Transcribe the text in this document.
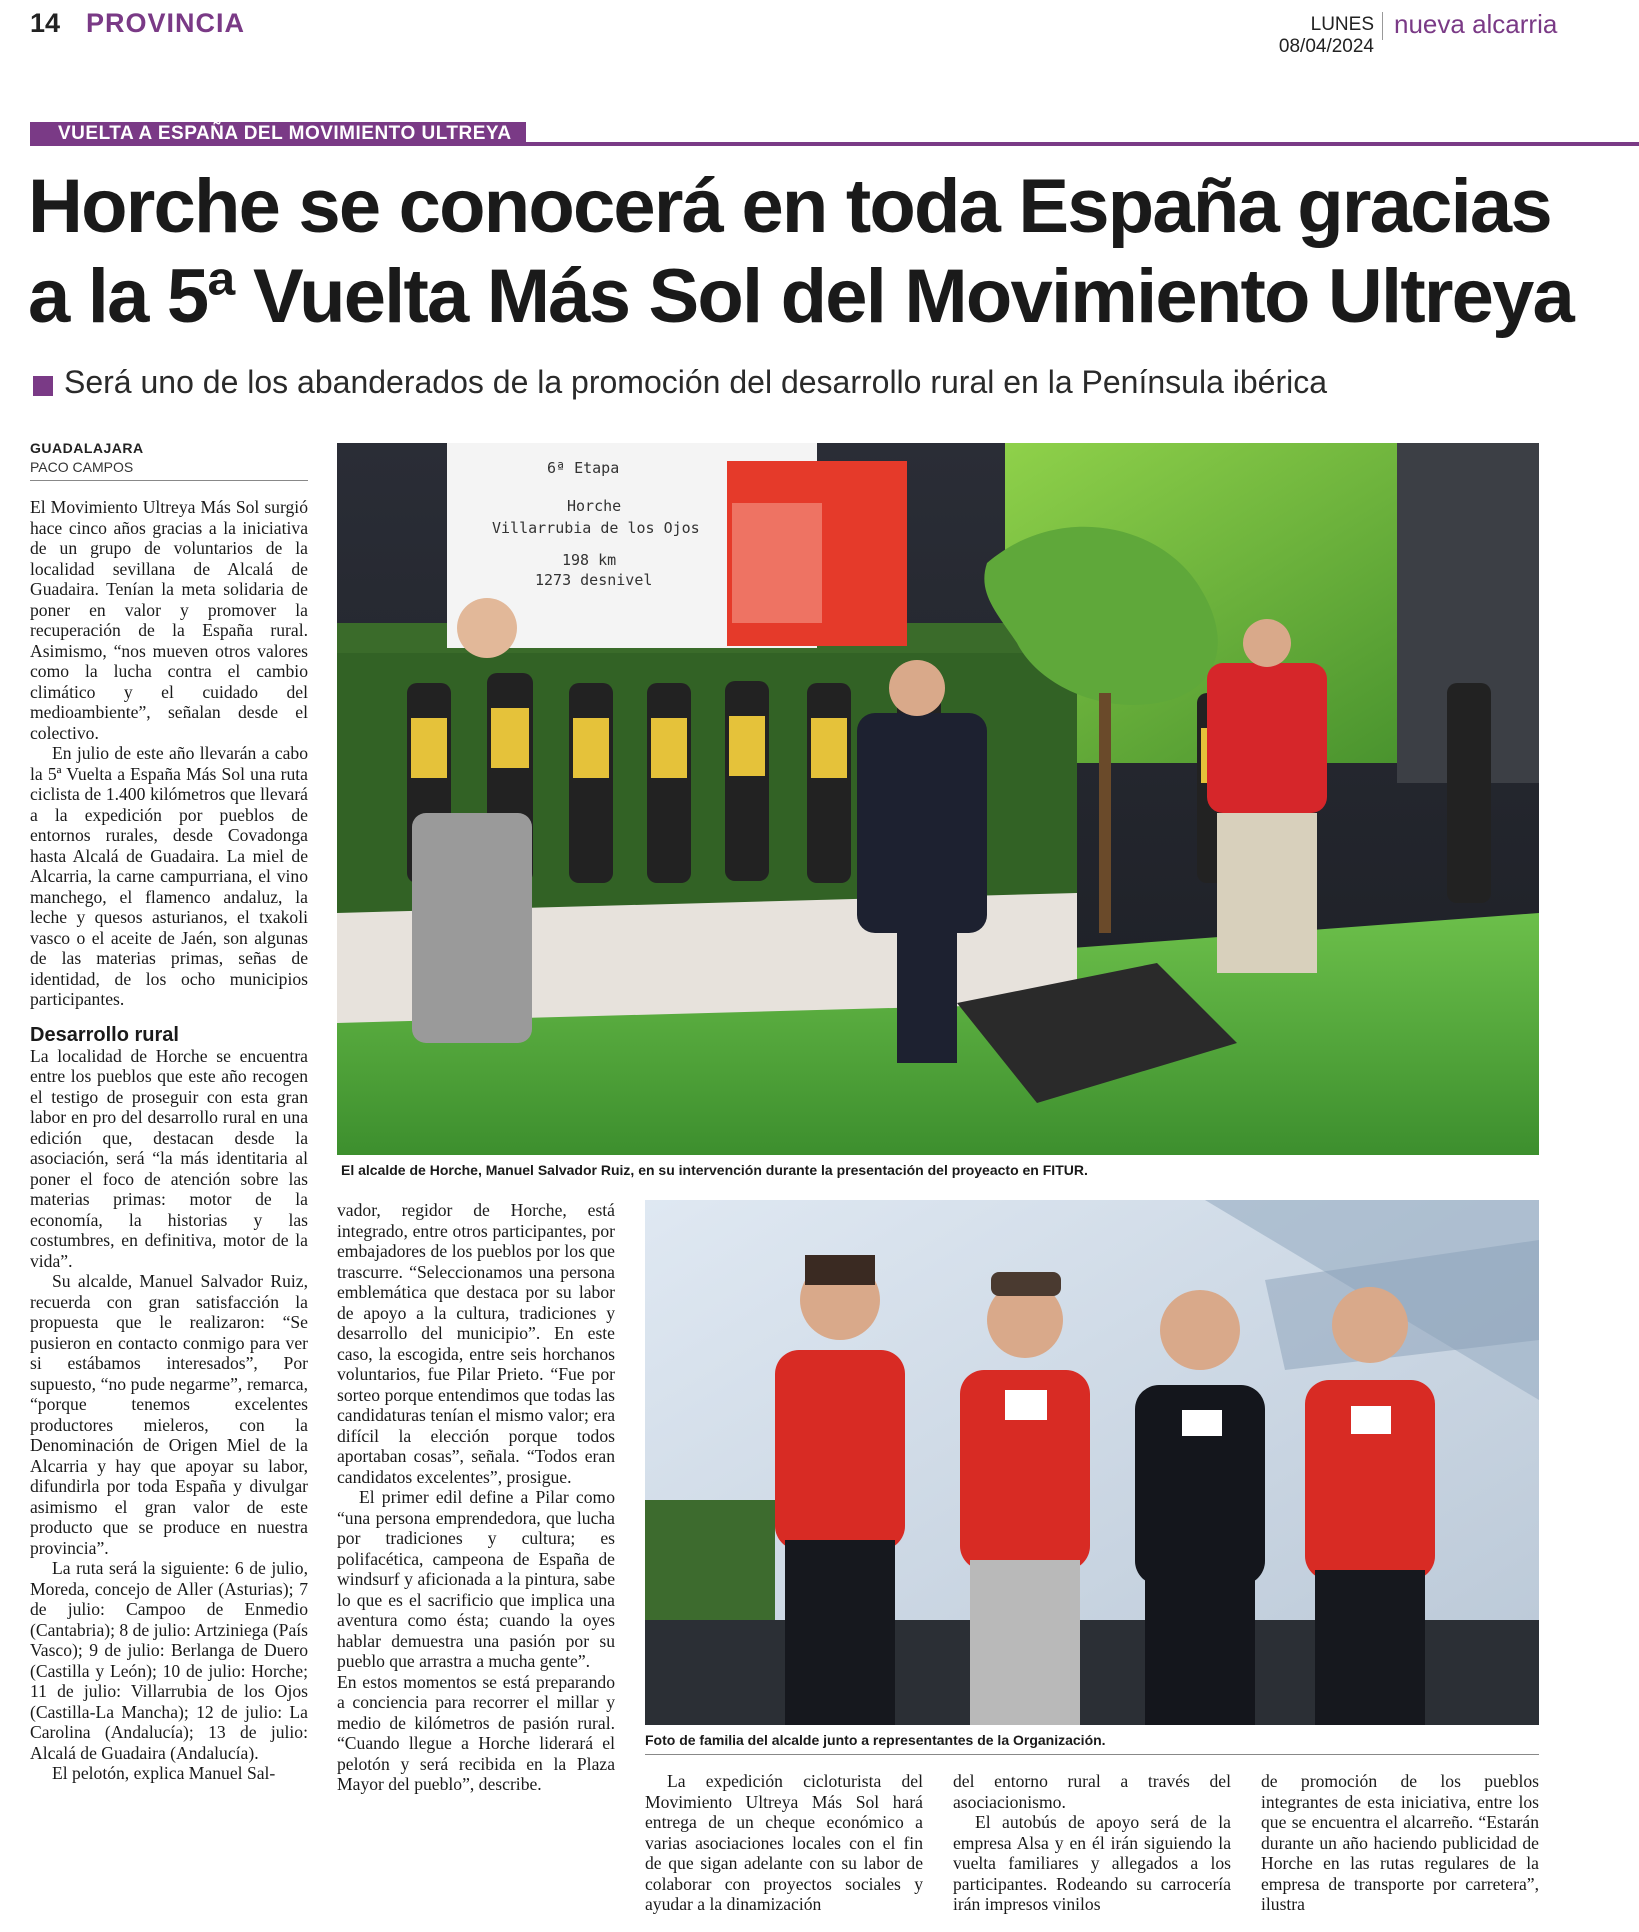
14 PROVINCIA	LUNES 08/04/2024
nueva alcarria
VUELTA A ESPAÑA DEL MOVIMIENTO ULTREYA
Horche se conocerá en toda España gracias
a la 5ª Vuelta Más Sol del Movimiento Ultreya
Será uno de los abanderados de la promoción del desarrollo rural en la Península ibérica
GUADALAJARA
PACO CAMPOS

El Movimiento Ultreya Más Sol surgió hace cinco años gracias a la iniciativa de un grupo de voluntarios de la localidad sevillana de Alcalá de Guadaira. Tenían la meta solidaria de poner en valor y promover la recuperación de la España rural. Asimismo, “nos mueven otros valores como la lucha contra el cambio climático y el cuidado del medioambiente”, señalan desde el colectivo.

En julio de este año llevarán a cabo la 5ª Vuelta a España Más Sol una ruta ciclista de 1.400 kilómetros que llevará a la expedición por pueblos de entornos rurales, desde Covadonga hasta Alcalá de Guadaira. La miel de Alcarria, la carne campurriana, el vino manchego, el flamenco andaluz, la leche y quesos asturianos, el txakoli vasco o el aceite de Jaén, son algunas de las materias primas, señas de identidad, de los ocho municipios participantes.

Desarrollo rural

La localidad de Horche se encuentra entre los pueblos que este año recogen el testigo de proseguir con esta gran labor en pro del desarrollo rural en una edición que, destacan desde la asociación, será “la más identitaria al poner el foco de atención sobre las materias primas: motor de la economía, la historias y las costumbres, en definitiva, motor de la vida”.

Su alcalde, Manuel Salvador Ruiz, recuerda con gran satisfacción la propuesta que le realizaron: “Se pusieron en contacto conmigo para ver si estábamos interesados”, Por supuesto, “no pude negarme”, remarca, “porque tenemos excelentes productores mieleros, con la Denominación de Origen Miel de la Alcarria y hay que apoyar su labor, difundirla por toda España y divulgar asimismo el gran valor de este producto que se produce en nuestra provincia”.

La ruta será la siguiente: 6 de julio, Moreda, concejo de Aller (Asturias); 7 de julio: Campoo de Enmedio (Cantabria); 8 de julio: Artziniega (País Vasco); 9 de julio: Berlanga de Duero (Castilla y León); 10 de julio: Horche; 11 de julio: Villarrubia de los Ojos (Castilla-La Mancha); 12 de julio: La Carolina (Andalucía); 13 de julio: Alcalá de Guadaira (Andalucía).

El pelotón, explica Manuel Sal-

6ª Etapa
Horche
Villarrubia de los Ojos
198 km
1273 desnivel
El alcalde de Horche, Manuel Salvador Ruiz, en su intervención durante la presentación del proyeacto en FITUR.

vador, regidor de Horche, está integrado, entre otros participantes, por embajadores de los pueblos por los que trascurre. “Seleccionamos una persona emblemática que destaca por su labor de apoyo a la cultura, tradiciones y desarrollo del municipio”. En este caso, la escogida, entre seis horchanos voluntarios, fue Pilar Prieto. “Fue por sorteo porque entendimos que todas las candidaturas tenían el mismo valor; era difícil la elección porque todos aportaban cosas”, señala. “Todos eran candidatos excelentes”, prosigue.

El primer edil define a Pilar como “una persona emprendedora, que lucha por tradiciones y cultura; es polifacética, campeona de España de windsurf y aficionada a la pintura, sabe lo que es el sacrificio que implica una aventura como ésta; cuando la oyes hablar demuestra una pasión por su pueblo que arrastra a mucha gente”.

En estos momentos se está preparando a conciencia para recorrer el millar y medio de kilómetros de pasión rural. “Cuando llegue a Horche liderará el pelotón y será recibida en la Plaza Mayor del pueblo”, describe.

Foto de familia del alcalde junto a representantes de la Organización.

La expedición cicloturista del Movimiento Ultreya Más Sol hará entrega de un cheque económico a varias asociaciones locales con el fin de que sigan adelante con su labor de colaborar con proyectos sociales y ayudar a la dinamización

del entorno rural a través del asociacionismo.

El autobús de apoyo será de la empresa Alsa y en él irán siguiendo la vuelta familiares y allegados a los participantes. Rodeando su carrocería irán impresos vinilos

de promoción de los pueblos integrantes de esta iniciativa, entre los que se encuentra el alcarreño. “Estarán durante un año haciendo publicidad de Horche en las rutas regulares de la empresa de transporte por carretera”, ilustra
